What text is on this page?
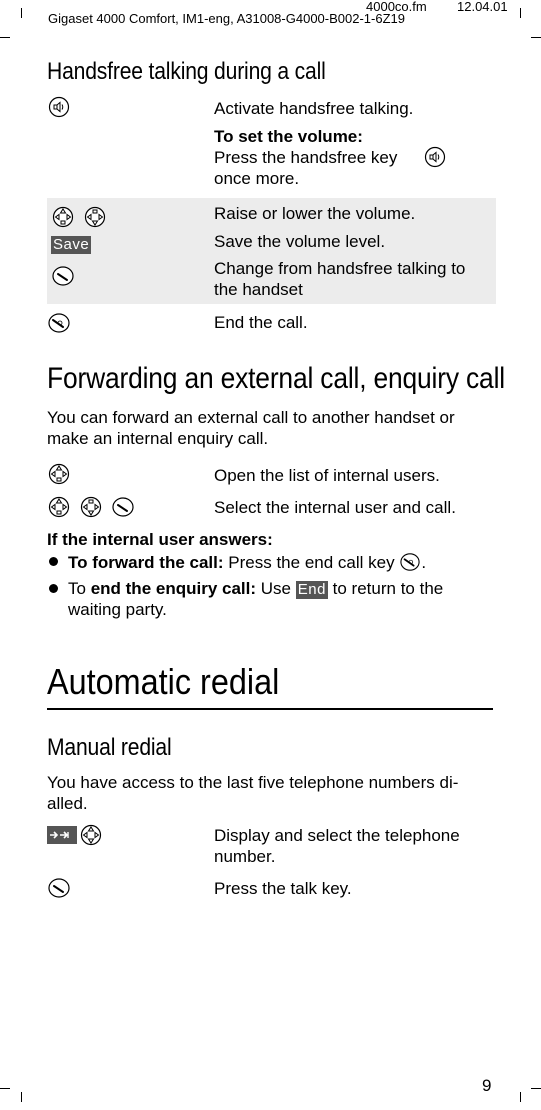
4000co.fm 12.04.01
Gigaset 4000 Comfort, IM1-eng, A31008-G4000-B002-1-6Z19
Handsfree talking during a call
Activate handsfree talking.
To set the volume:
Press the handsfree key
once more.
Raise or lower the volume.
Save	Save the volume level.
Change from handsfree talking to
the handset
End the call.
Forwarding an external call, enquiry call
You can forward an external call to another handset or
make an internal enquiry call.
Open the list of internal users.
Select the internal user and call.
If the internal user answers:
To forward the call: Press the end call key .
To end the enquiry call: Use End to return to the
waiting party.
Automatic redial
Manual redial
You have access to the last five telephone numbers di-
alled.
Display and select the telephone
number.
Press the talk key.
9
